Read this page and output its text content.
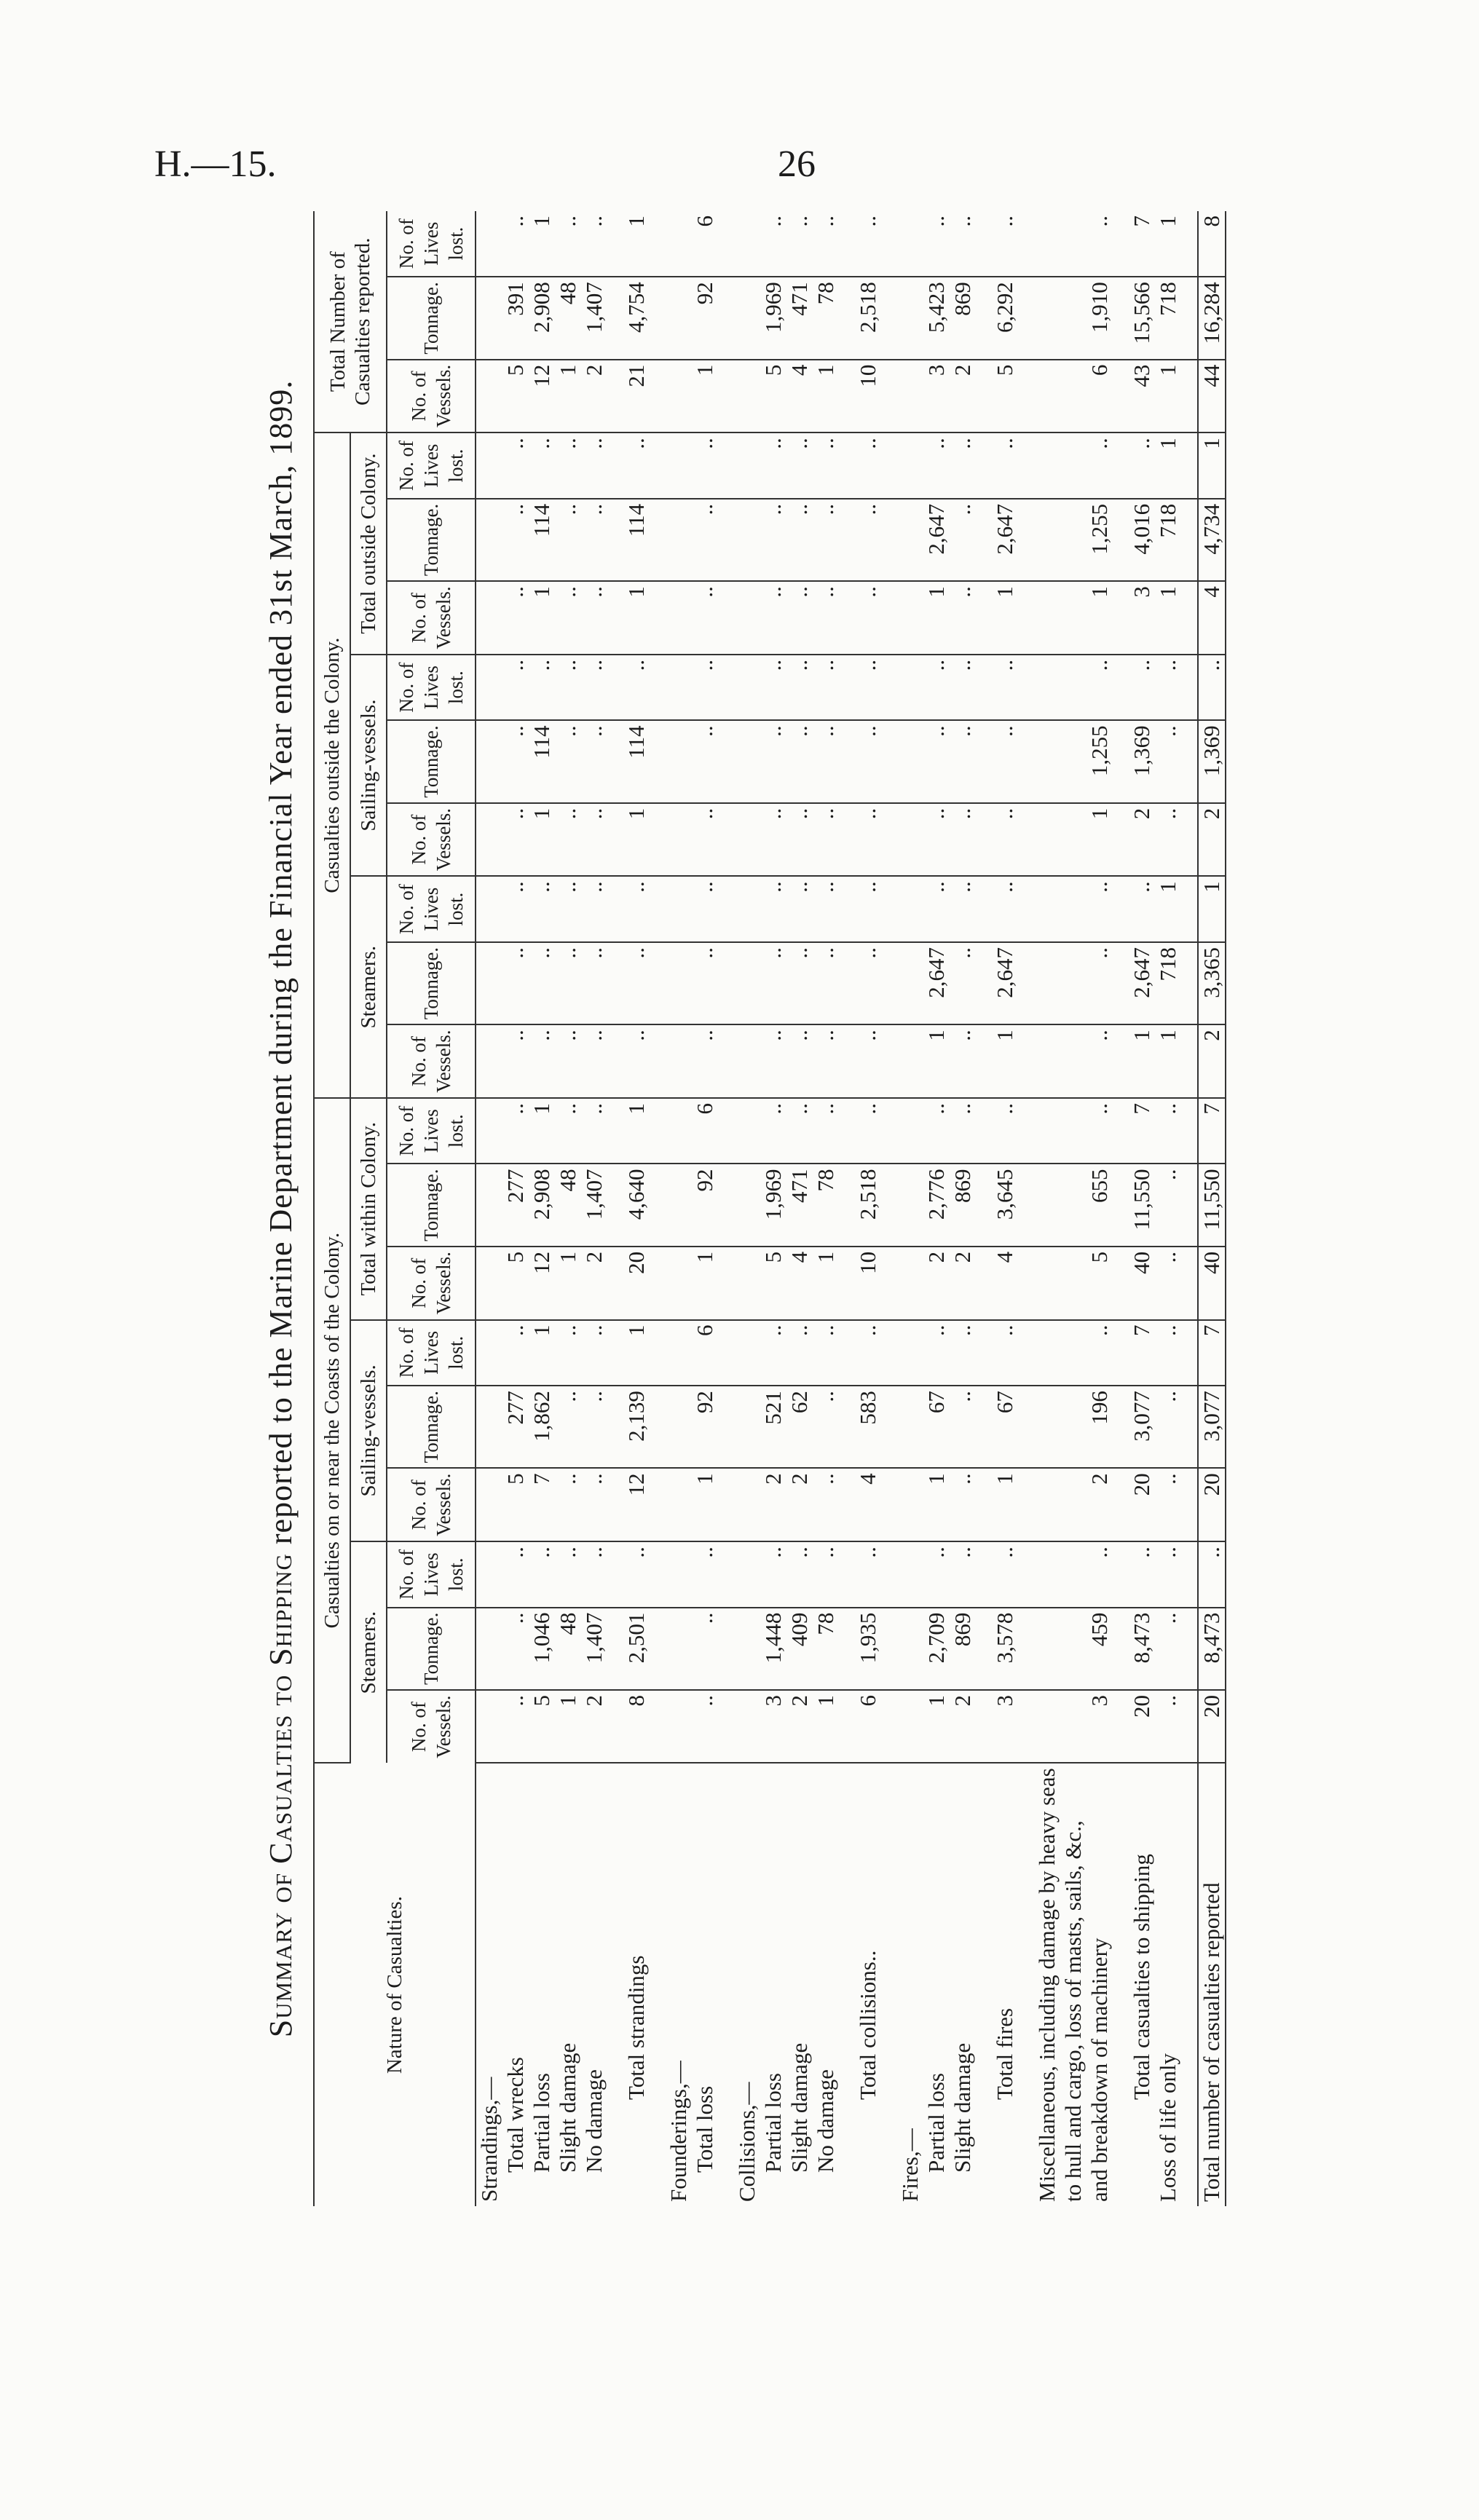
H.—15.	26
Summary of Casualties to Shipping reported to the Marine Department during the Financial Year ended 31st March, 1899.
Nature of Casualties.	Casualties on or near the Coasts of the Colony.									Casualties outside the Colony.									Total Number of Casualties reported.		
	Steamers.			Sailing-vessels.			Total within Colony.			Steamers.			Sailing-vessels.			Total outside Colony.					
	No. of Vessels.	Tonnage.	No. of Lives lost.	No. of Vessels.	Tonnage.	No. of Lives lost.	No. of Vessels.	Tonnage.	No. of Lives lost.	No. of Vessels.	Tonnage.	No. of Lives lost.	No. of Vessels.	Tonnage.	No. of Lives lost.	No. of Vessels.	Tonnage.	No. of Lives lost.	No. of Vessels.	Tonnage.	No. of Lives lost.
Strandings,—																					
Total wrecks	..	..	..	5	277	..	5	277	..	..	..	..	..	..	..	..	..	..	5	391	..
Partial loss	5	1,046	..	7	1,862	1	12	2,908	1	..	..	..	1	114	..	1	114	..	12	2,908	1
Slight damage	1	48	..	..	..	..	1	48	..	..	..	..	..	..	..	..	..	..	1	48	..
No damage	2	1,407	..	..	..	..	2	1,407	..	..	..	..	..	..	..	..	..	..	2	1,407	..

Total strandings	8	2,501	..	12	2,139	1	20	4,640	1	..	..	..	1	114	..	1	114	..	21	4,754	1

Founderings,—																					
Total loss	..	..	..	1	92	6	1	92	6	..	..	..	..	..	..	..	..	..	1	92	6

Collisions,—																					
Partial loss	3	1,448	..	2	521	..	5	1,969	..	..	..	..	..	..	..	..	..	..	5	1,969	..
Slight damage	2	409	..	2	62	..	4	471	..	..	..	..	..	..	..	..	..	..	4	471	..
No damage	1	78	..	..	..	..	1	78	..	..	..	..	..	..	..	..	..	..	1	78	..

Total collisions..	6	1,935	..	4	583	..	10	2,518	..	..	..	..	..	..	..	..	..	..	10	2,518	..

Fires,—																					
Partial loss	1	2,709	..	1	67	..	2	2,776	..	1	2,647	..	..	..	..	1	2,647	..	3	5,423	..
Slight damage	2	869	..	..	..	..	2	869	..	..	..	..	..	..	..	..	..	..	2	869	..

Total fires	3	3,578	..	1	67	..	4	3,645	..	1	2,647	..	..	..	..	1	2,647	..	5	6,292	..

Miscellaneous, including damage by heavy seas																					
to hull and cargo, loss of masts, sails, &c.,																					
and breakdown of machinery	3	459	..	2	196	..	5	655	..	..	..	..	1	1,255	..	1	1,255	..	6	1,910	..

Total casualties to shipping	20	8,473	..	20	3,077	7	40	11,550	7	1	2,647	..	2	1,369	..	3	4,016	..	43	15,566	7
Loss of life only	..	..	..	..	..	..	..	..	..	1	718	1	..	..	..	1	718	1	1	718	1

Total number of casualties reported	20	8,473	..	20	3,077	7	40	11,550	7	2	3,365	1	2	1,369	..	4	4,734	1	44	16,284	8
